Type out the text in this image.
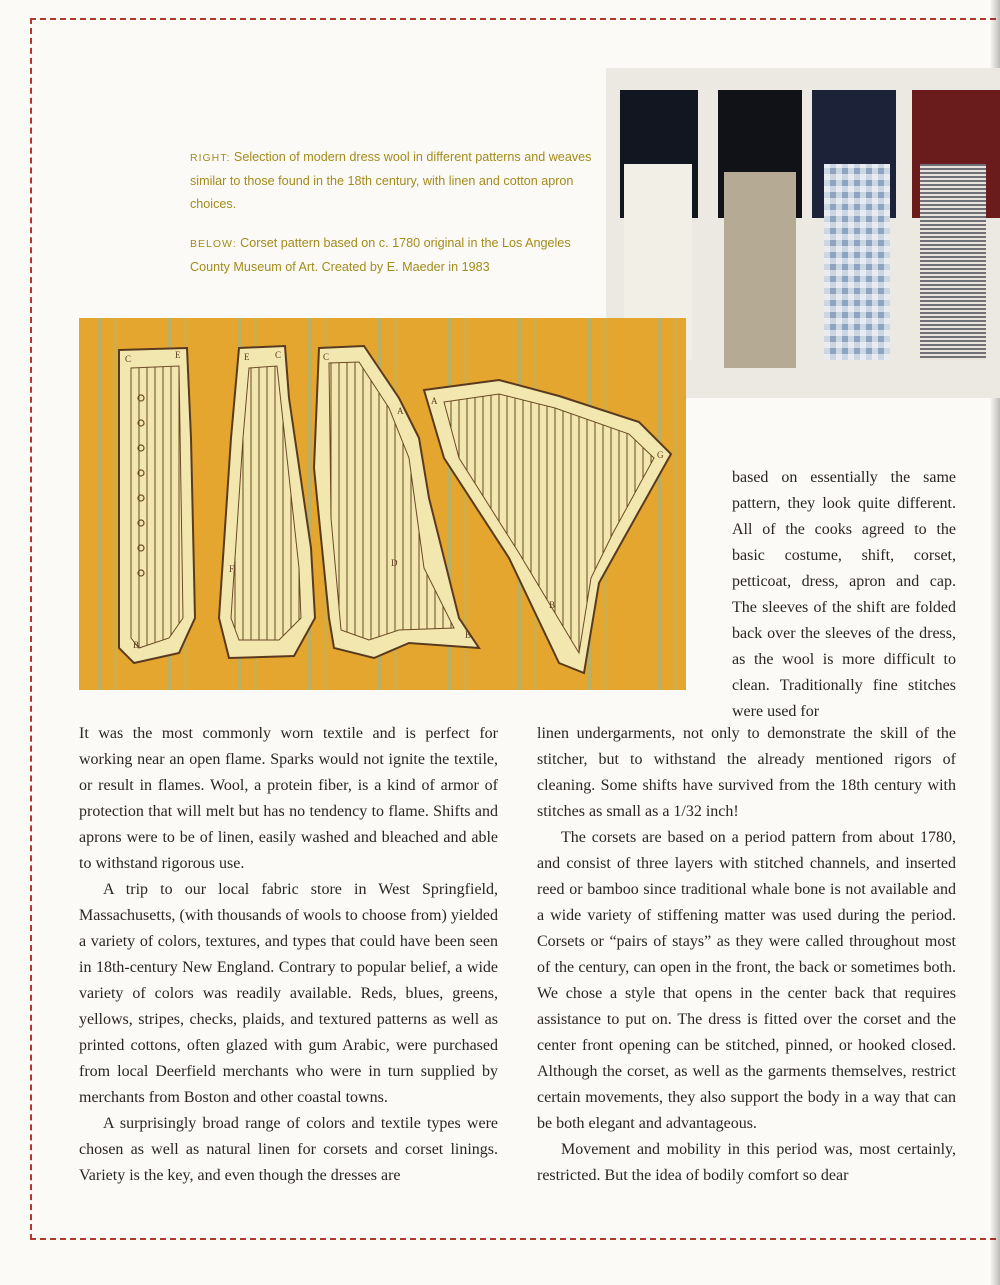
RIGHT: Selection of modern dress wool in different patterns and weaves similar to those found in the 18th century, with linen and cotton apron choices.

BELOW: Corset pattern based on c. 1780 original in the Los Angeles County Museum of Art. Created by E. Maeder in 1983

C
B
E	E	C	C
A
A
G
B
B
D
F

based on essentially the same pattern, they look quite different. All of the cooks agreed to the basic costume, shift, corset, petticoat, dress, apron and cap. The sleeves of the shift are folded back over the sleeves of the dress, as the wool is more difficult to clean. Traditionally fine stitches were used for

It was the most commonly worn textile and is perfect for working near an open flame. Sparks would not ignite the textile, or result in flames. Wool, a protein fiber, is a kind of armor of protection that will melt but has no tendency to flame. Shifts and aprons were to be of linen, easily washed and bleached and able to withstand rigorous use.

A trip to our local fabric store in West Springfield, Massachusetts, (with thousands of wools to choose from) yielded a variety of colors, textures, and types that could have been seen in 18th-century New England. Contrary to popular belief, a wide variety of colors was readily available. Reds, blues, greens, yellows, stripes, checks, plaids, and textured patterns as well as printed cottons, often glazed with gum Arabic, were purchased from local Deerfield merchants who were in turn supplied by merchants from Boston and other coastal towns.

A surprisingly broad range of colors and textile types were chosen as well as natural linen for corsets and corset linings. Variety is the key, and even though the dresses are

linen undergarments, not only to demonstrate the skill of the stitcher, but to withstand the already mentioned rigors of cleaning. Some shifts have survived from the 18th century with stitches as small as a 1/32 inch!

The corsets are based on a period pattern from about 1780, and consist of three layers with stitched channels, and inserted reed or bamboo since traditional whale bone is not available and a wide variety of stiffening matter was used during the period. Corsets or “pairs of stays” as they were called throughout most of the century, can open in the front, the back or sometimes both. We chose a style that opens in the center back that requires assistance to put on. The dress is fitted over the corset and the center front opening can be stitched, pinned, or hooked closed. Although the corset, as well as the garments themselves, restrict certain movements, they also support the body in a way that can be both elegant and advantageous.

Movement and mobility in this period was, most certainly, restricted. But the idea of bodily comfort so dear
